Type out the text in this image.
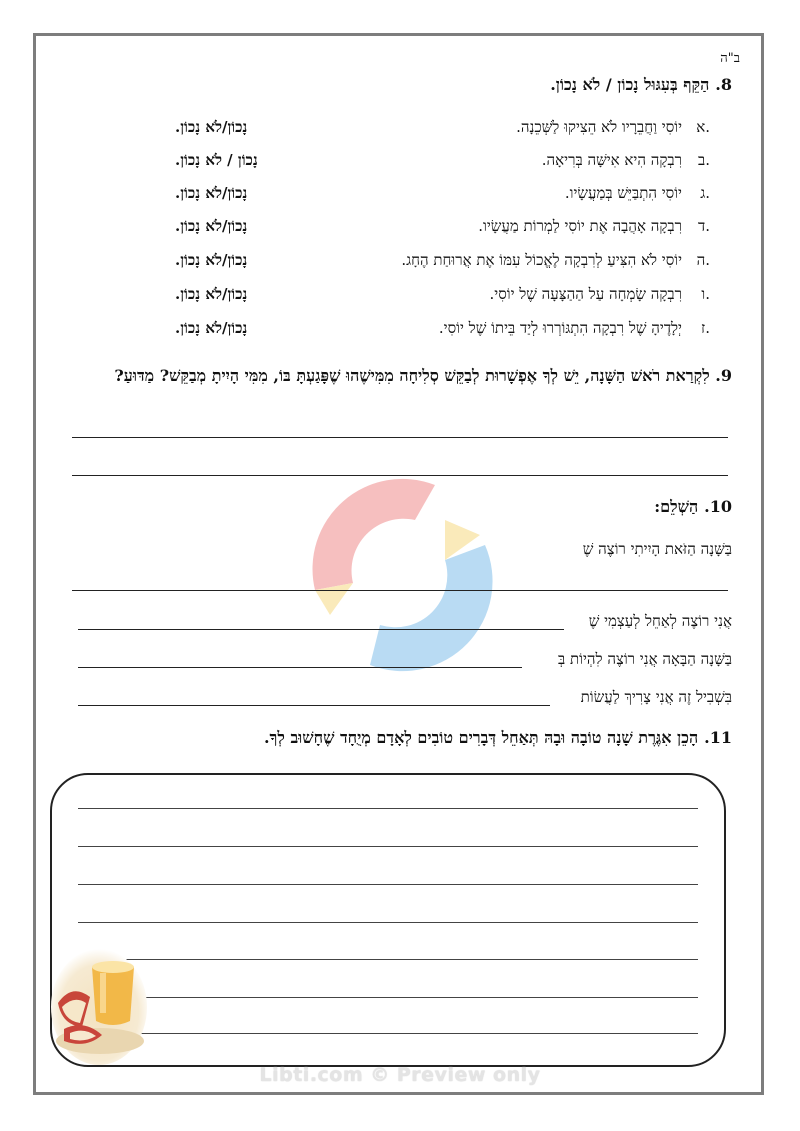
ב"ה
8.הַקֵּף בְּעִגּוּל נָכוֹן / לֹא נָכוֹן.
א.
יוֹסִי וַחֲבֵרָיו לֹא הֵצִיקוּ לַשְּׁכֵנָה.
נָכוֹן/לֹא נָכוֹן.
ב.
רִבְקָה הִיא אִישָּׁה בְּרִיאָה.
נָכוֹן / לֹא נָכוֹן.
ג.
יוֹסִי הִתְבַּיֵּשׁ בְּמַעֲשָׂיו.
נָכוֹן/לֹא נָכוֹן.
ד.
רִבְקָה אָהֲבָה אֶת יוֹסִי לַמְרוֹת מַעֲשָׂיו.
נָכוֹן/לֹא נָכוֹן.
ה.
יוֹסִי לֹא הִצִּיעַ לְרִבְקָה לֶאֱכוֹל עִמּוֹ אֶת אֲרוּחַת הֶחָג.
נָכוֹן/לֹא נָכוֹן.
ו.
רִבְקָה שָׂמְחָה עַל הַהַצָּעָה שֶׁל יוֹסִי.
נָכוֹן/לֹא נָכוֹן.
ז.
יְלָדֶיהָ שֶׁל רִבְקָה הִתְגּוֹרְרוּ לְיַד בֵּיתוֹ שֶׁל יוֹסִי.
נָכוֹן/לֹא נָכוֹן.
9. לִקְרַאת רֹאשׁ הַשָּׁנָה, יֵשׁ לְךָ אֶפְשָׁרוּת לְבַקֵּשׁ סְלִיחָה מִמִּישֶׁהוּ שֶׁפָּגַעְתָּ בּוֹ, מִמִּי הָיִיתָ מְבַקֵּשׁ? מַדּוּעַ?
10.הַשְׁלֵם:
בַּשָּׁנָה הַזֹּאת הָיִיתִי רוֹצֶה שֶׁ
אֲנִי רוֹצֶה לְאַחֵל לְעַצְמִי שֶׁ
בַּשָּׁנָה הַבָּאָה אֲנִי רוֹצֶה לִהְיוֹת בְּ
בִּשְׁבִיל זֶה אֲנִי צָרִיךְ לַעֲשׂוֹת
11.הָכֵן אִגֶּרֶת שָׁנָה טוֹבָה וּבָהּ תְּאַחֵל דְּבָרִים טוֹבִים לְאָדָם מְיֻחָד שֶׁחָשׁוּב לְךָ.
Libti.com © Preview only
